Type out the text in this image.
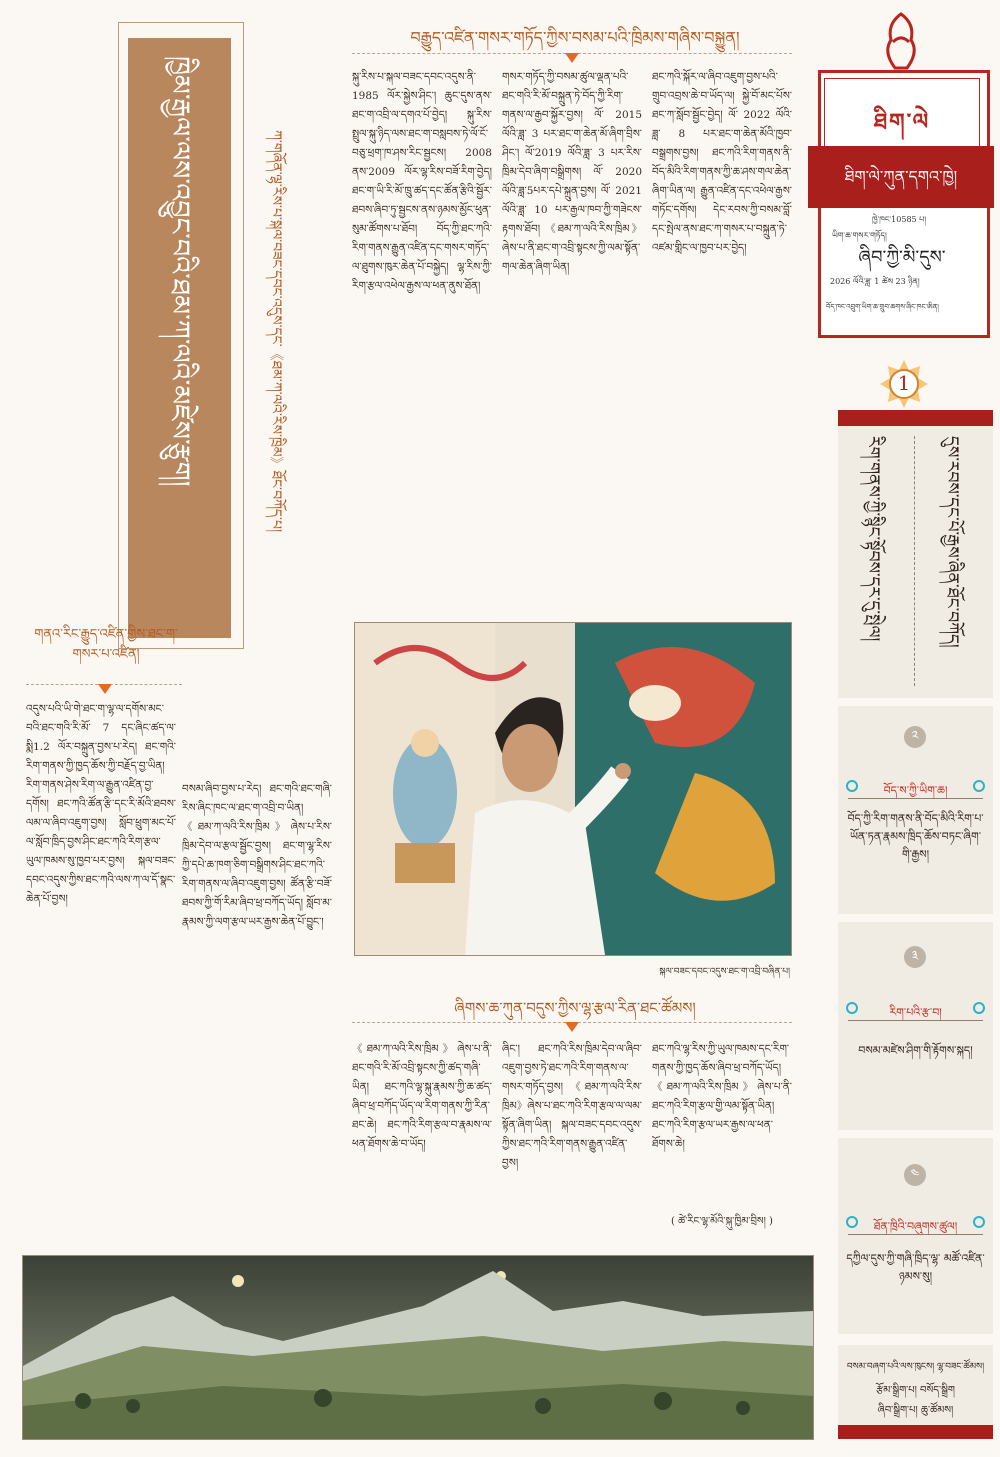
བརྒྱུད་འཛིན་གསར་གཏོད་ཀྱིས་བསམ་པའི་ཁྲིམས་གཞིས་བསྐྱུན།
ཁྱིམ་རྒྱལ་ལས་འབྱུང་བའི་ཐམ་ཀ་ལའི་མཛེས་རྩུག།	ཀ་གཞོན་ལྷ་རིས་པ་སྐལ་བཟང་དབང་འདུས་དང་《ཐམ་ཀ་ལའི་རིས་ཁྲིམ》ཐོང་བཀོད་པ།
སྐུ་རིས་པ་སྐལ་བཟང་དབང་འདུས་ནི་1985 ལོར་སྐྱེས་ཤིང་། ཆུང་དུས་ནས་ཐང་ག་འབྲི་ལ་དགའ་པོ་བྱེད། སྐུ་རིས་སྤྲུལ་སྐུ་ཉིད་ལས་ཐང་ག་བསླབས་ཏེ་ལོ་ངོ་བཅུ་ཕྲག་ཁ་ཤས་རིང་སྦྱངས། 2008 ནས་2009 ལོར་ལྷ་རིས་བཟོ་རིག་བྱེད། ཐང་ག་ཡི་རི་མོ་ཁྲུ་ཚད་དང་ཚོན་རྩིའི་སྦྱོར་ཐབས་ཞིབ་ཏུ་སྦྱངས་ནས་ཉམས་མྱོང་ཕུན་སུམ་ཚོགས་པ་ཐོབ། བོད་ཀྱི་ཐང་ཀའི་རིག་གནས་རྒྱུན་འཛིན་དང་གསར་གཏོད་ལ་ཐུགས་ཁུར་ཆེན་པོ་བསྐྱེད། ལྷ་རིས་ཀྱི་རིག་རྩལ་འཕེལ་རྒྱས་ལ་ཕན་ནུས་ཐོན།
གསར་གཏོད་ཀྱི་བསམ་ཚུལ་ལྡན་པའི་ཐང་གའི་རི་མོ་བསྐྲུན་ཏེ་བོད་ཀྱི་རིག་གནས་ལ་རྒྱབ་སྐྱོར་བྱས། ལོ་ 2015 ལོའི་ཟླ་ 3 པར་ཐང་ག་ཆེན་མོ་ཞིག་བྲིས་ཤིང་། ལོ་2019 ལོའི་ཟླ་ 3 པར་རིས་ཁྲིམ་དེབ་ཞིག་བསྒྲིགས། ལོ་ 2020 ལོའི་ཟླ་5པར་དཔེ་སྐྲུན་བྱས། ལོ་ 2021 ལོའི་ཟླ་ 10 པར་རྒྱལ་ཁབ་ཀྱི་གཟེངས་རྟགས་ཐོབ། 《ཐམ་ཀ་ལའི་རིས་ཁྲིམ》ཞེས་པ་ནི་ཐང་ག་འབྲི་སྟངས་ཀྱི་ལམ་སྟོན་གལ་ཆེན་ཞིག་ཡིན།
ཐང་ཀའི་སྐོར་ལ་ཞིབ་འཇུག་བྱས་པའི་གྲུབ་འབྲས་ཆེ་བ་ཡོད་ལ། སྐྱེ་བོ་མང་པོས་ཐང་ཀ་སློབ་སྦྱོང་བྱེད། ལོ་ 2022 ལོའི་ཟླ་ 8 པར་ཐང་ག་ཆེན་མོའི་ཁྱབ་བསྒྲགས་བྱས། ཐང་ཀའི་རིག་གནས་ནི་བོད་མིའི་རིག་གནས་ཀྱི་ཆ་ཤས་གལ་ཆེན་ཞིག་ཡིན་ལ། རྒྱུན་འཛིན་དང་འཕེལ་རྒྱས་གཏོང་དགོས། དེང་རབས་ཀྱི་བསམ་བློ་དང་སྤེལ་ནས་ཐང་ཀ་གསར་པ་བསྐྲུན་ཏེ་འཛམ་གླིང་ལ་ཁྱབ་པར་བྱེད།
སྐལ་བཟང་དབང་འདུས་ཐང་ག་འབྲི་བཞིན་པ།
གནའ་རིང་རྒྱུད་འཛིན་གྱིས་ཐང་ག་གསར་པ་འཛིན།
འདུས་པའི་ཡི་གེ་ཐང་ག་ལྷ་ལ་དགོས་མང་བའི་ཐང་གའི་རི་མོ་ 7 དང་ཞིང་ཚད་ལ་སྨི1.2 ལོར་བསྐྲུན་བྱས་པ་རེད། ཐང་གའི་རིག་གནས་ཀྱི་ཁྱད་ཆོས་ཀྱི་བརྗོད་བྱ་ཡིན། རིག་གནས་ཤེས་རིག་ལ་རྒྱུན་འཛིན་བྱ་དགོས། ཐང་ཀའི་ཚོན་རྩི་དང་རི་མོའི་ཐབས་ལམ་ལ་ཞིབ་འཇུག་བྱས། སློབ་ཕྲུག་མང་པོ་ལ་སློབ་ཁྲིད་བྱས་ཤིང་ཐང་ཀའི་རིག་རྩལ་ཡུལ་ཁམས་སུ་ཁྱབ་པར་བྱས། སྐལ་བཟང་དབང་འདུས་ཀྱིས་ཐང་ཀའི་ལས་ཀ་ལ་དོ་སྣང་ཆེན་པོ་བྱས།
བསམ་ཞིབ་བྱས་པ་རེད། ཐང་གའི་ཐང་གཞི་རིས་ཞིང་ཁང་ལ་ཐང་ག་འབྲི་བ་ཡིན། 《ཐམ་ཀ་ལའི་རིས་ཁྲིམ》ཞེས་པ་རིས་ཁྲིམ་དེབ་ལ་རྩལ་སྦྱོང་བྱས། ཐང་ག་ལྷ་རིས་ཀྱི་དཔེ་ཆ་ཁག་ཅིག་བསྒྲིགས་ཤིང་ཐང་ཀའི་རིག་གནས་ལ་ཞིབ་འཇུག་བྱས། ཚོན་རྩི་བཟོ་ཐབས་ཀྱི་གོ་རིམ་ཞིབ་ཕྲ་བཀོད་ཡོད། སློབ་མ་རྣམས་ཀྱི་ལག་རྩལ་ཡར་རྒྱས་ཆེན་པོ་བྱུང་།
ཞིགས་ཆ་ཀུན་བདུས་ཀྱིས་ལྷ་རྩལ་རིན་ཐང་ཚོམས།
《ཐམ་ཀ་ལའི་རིས་ཁྲིམ》ཞེས་པ་ནི་ཐང་གའི་རི་མོ་འབྲི་སྟངས་ཀྱི་ཚད་གཞི་ཡིན། ཐང་ཀའི་ལྷ་སྐུ་རྣམས་ཀྱི་ཆ་ཚད་ཞིབ་ཕྲ་བཀོད་ཡོད་ལ་རིག་གནས་ཀྱི་རིན་ཐང་ཆེ། ཐང་ཀའི་རིག་རྩལ་བ་རྣམས་ལ་ཕན་ཐོགས་ཆེ་བ་ཡོད།
ཞིང་། ཐང་ཀའི་རིས་ཁྲིམ་དེབ་ལ་ཞིབ་འཇུག་བྱས་ཏེ་ཐང་ཀའི་རིག་གནས་ལ་གསར་གཏོད་བྱས། 《ཐམ་ཀ་ལའི་རིས་ཁྲིམ》ཞེས་པ་ཐང་ཀའི་རིག་རྩལ་ལ་ལམ་སྟོན་ཞིག་ཡིན། སྐལ་བཟང་དབང་འདུས་ཀྱིས་ཐང་ཀའི་རིག་གནས་རྒྱུན་འཛིན་བྱས།
ཐང་ཀའི་ལྷ་རིས་ཀྱི་ཡུལ་ཁམས་དང་རིག་གནས་ཀྱི་ཁྱད་ཆོས་ཞིབ་ཕྲ་བཀོད་ཡོད། 《ཐམ་ཀ་ལའི་རིས་ཁྲིམ》ཞེས་པ་ནི་ཐང་ཀའི་རིག་རྩལ་གྱི་ལམ་སྟོན་ཡིན། ཐང་ཀའི་རིག་རྩལ་ཡར་རྒྱས་ལ་ཕན་ཐོགས་ཆེ།
( ཚེ་རིང་ལྷ་མོའི་སྐུ་ཁྱིམ་བྲིས། )
ཐིག་ལེ
ཐིག་ལེ་ཀུན་དགའ་ཁྱེ།
ཁྱེ་ཁང་10585 པ།
ཡིག་ཆ་གསར་གཏོད།
ཞིབ་ཀྱི་མི་དུས་
2026 ལོའི་ཟླ་ 1 ཚེས 23 ཉིན།
བོད་ཁང་འབྲུག་ཡིག་ཆ་གྲུབ་ཆགས་ཞིང་ཁང་ཨིན།
1
དུས་རབས་དང་པོ་རྒྱས་ཞིན་ཐོང་བཀོད།
རིག་གནས་ཀྱི་སྙིང་སྟོབས་དར་དུ་སྤེལ།
༢
བོད་ས་ཀྱི་ཡིག་ཆ།
བོད་ཀྱི་རིག་གནས་ནི་བོད་མིའི་རིག་པ་ཡོན་ཏན་རྣམས་ཁྲིད་ཆོས་བཏང་ཞིག་གི་རྒྱས།
༣
རིག་པའི་རྩ་བ།
བསམ་མཛེས་ཤིག་གི་རྟོགས་སྐད།
༤
ཐོན་ཁྲིའི་བཞུགས་ཚུལ།
དཀྱིལ་དུས་ཀྱི་གཞི་ཁྲིད་ལྷ་ མཚོ་འཛིན་ཉམས་སུ།
བསམ་བཞག་པའི་ལས་ཁུངས། ལྷ་བཟང་ཚོམས།
རྩོམ་སྒྲིག་པ། བསོད་སྒྲིག
ཞིབ་སྒྲིག་པ། ཆུ་ཚོམས།
